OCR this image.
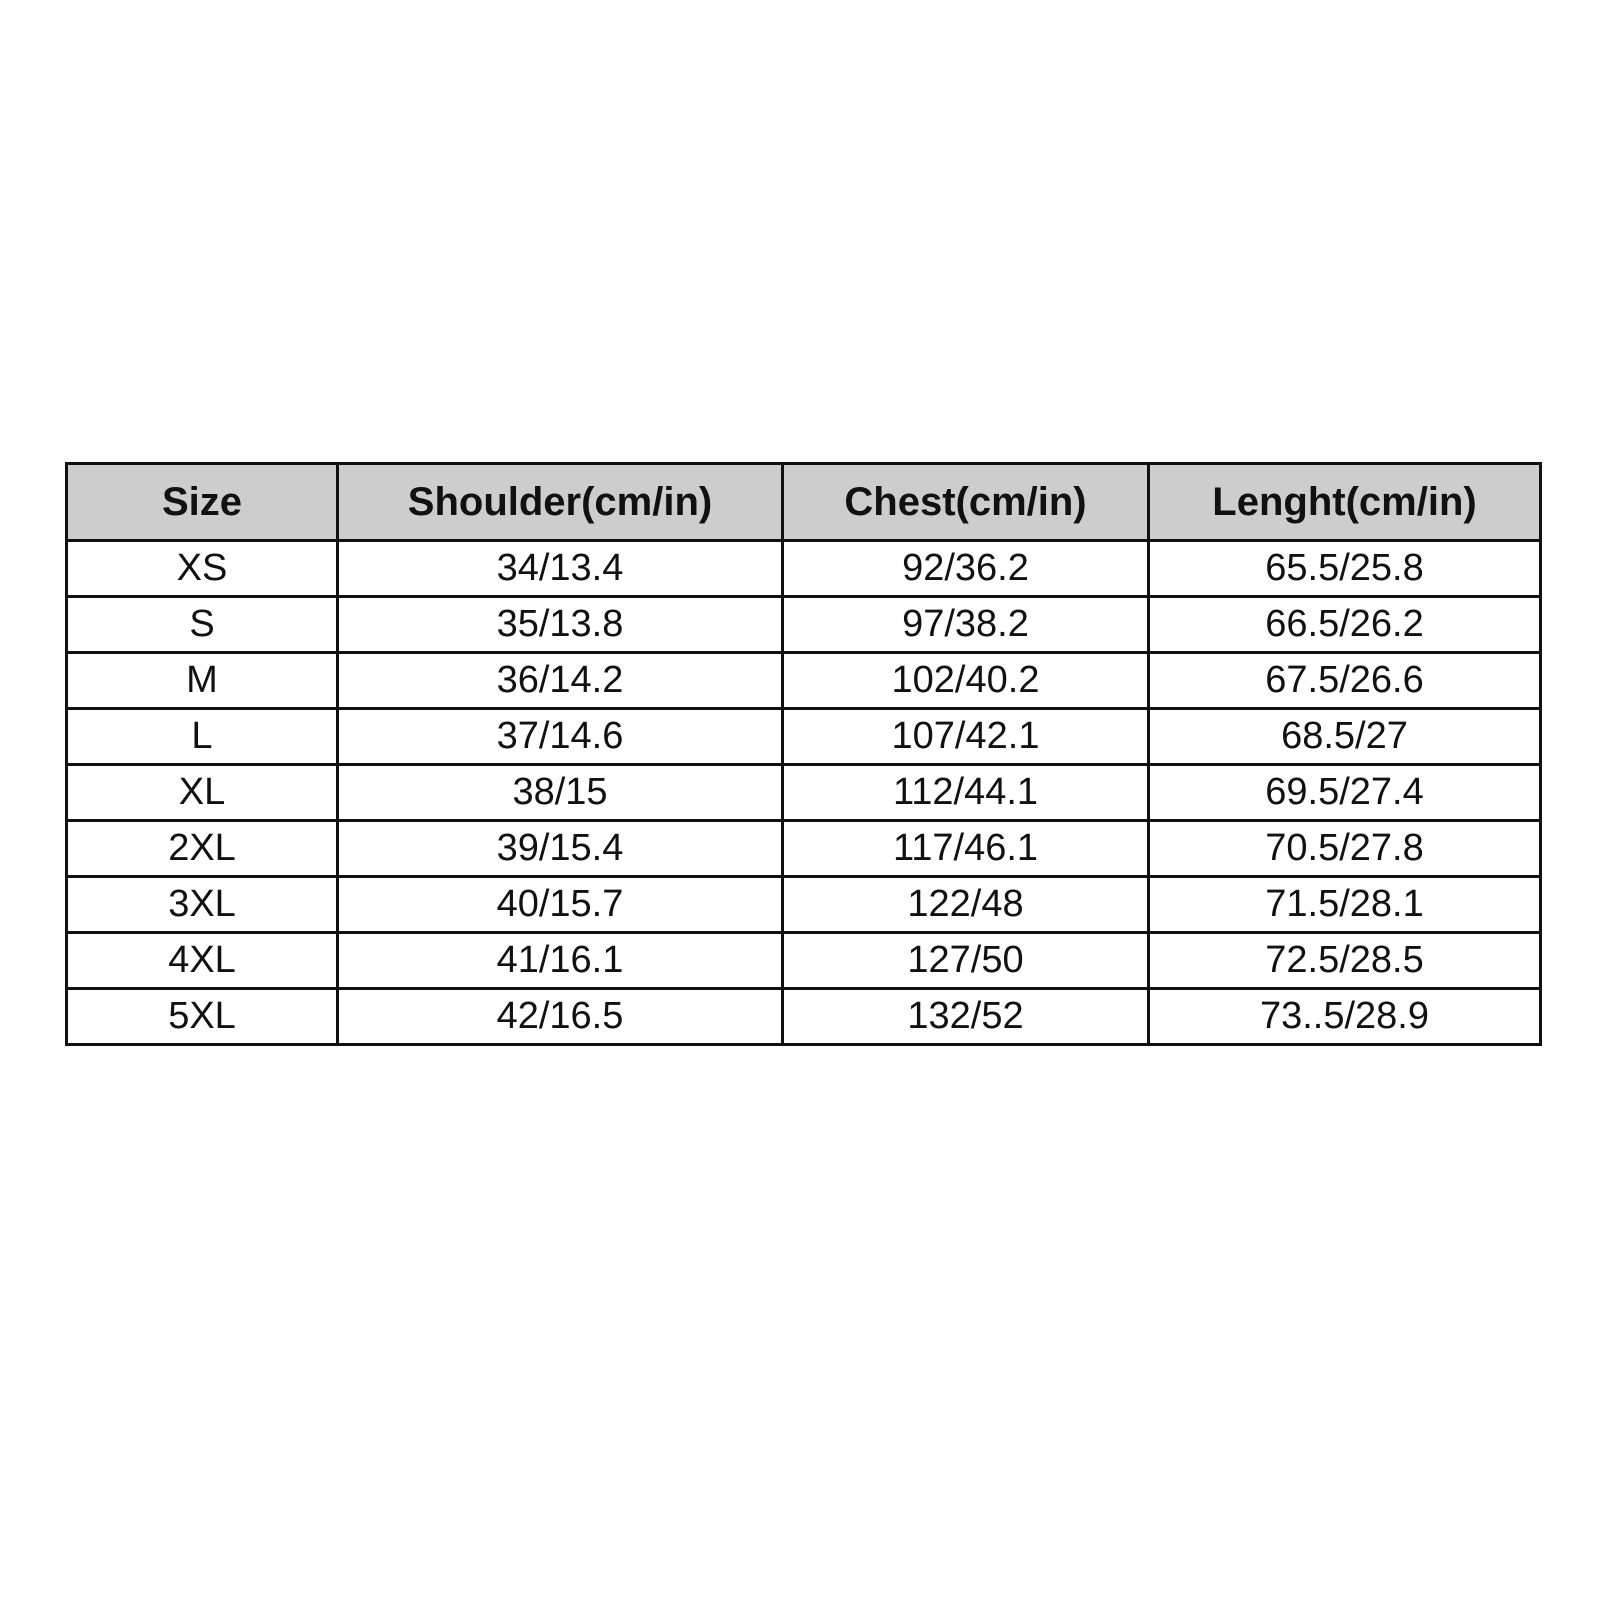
Size	Shoulder(cm/in)	Chest(cm/in)	Lenght(cm/in)
XS	34/13.4	92/36.2	65.5/25.8
S	35/13.8	97/38.2	66.5/26.2
M	36/14.2	102/40.2	67.5/26.6
L	37/14.6	107/42.1	68.5/27
XL	38/15	112/44.1	69.5/27.4
2XL	39/15.4	117/46.1	70.5/27.8
3XL	40/15.7	122/48	71.5/28.1
4XL	41/16.1	127/50	72.5/28.5
5XL	42/16.5	132/52	73..5/28.9
